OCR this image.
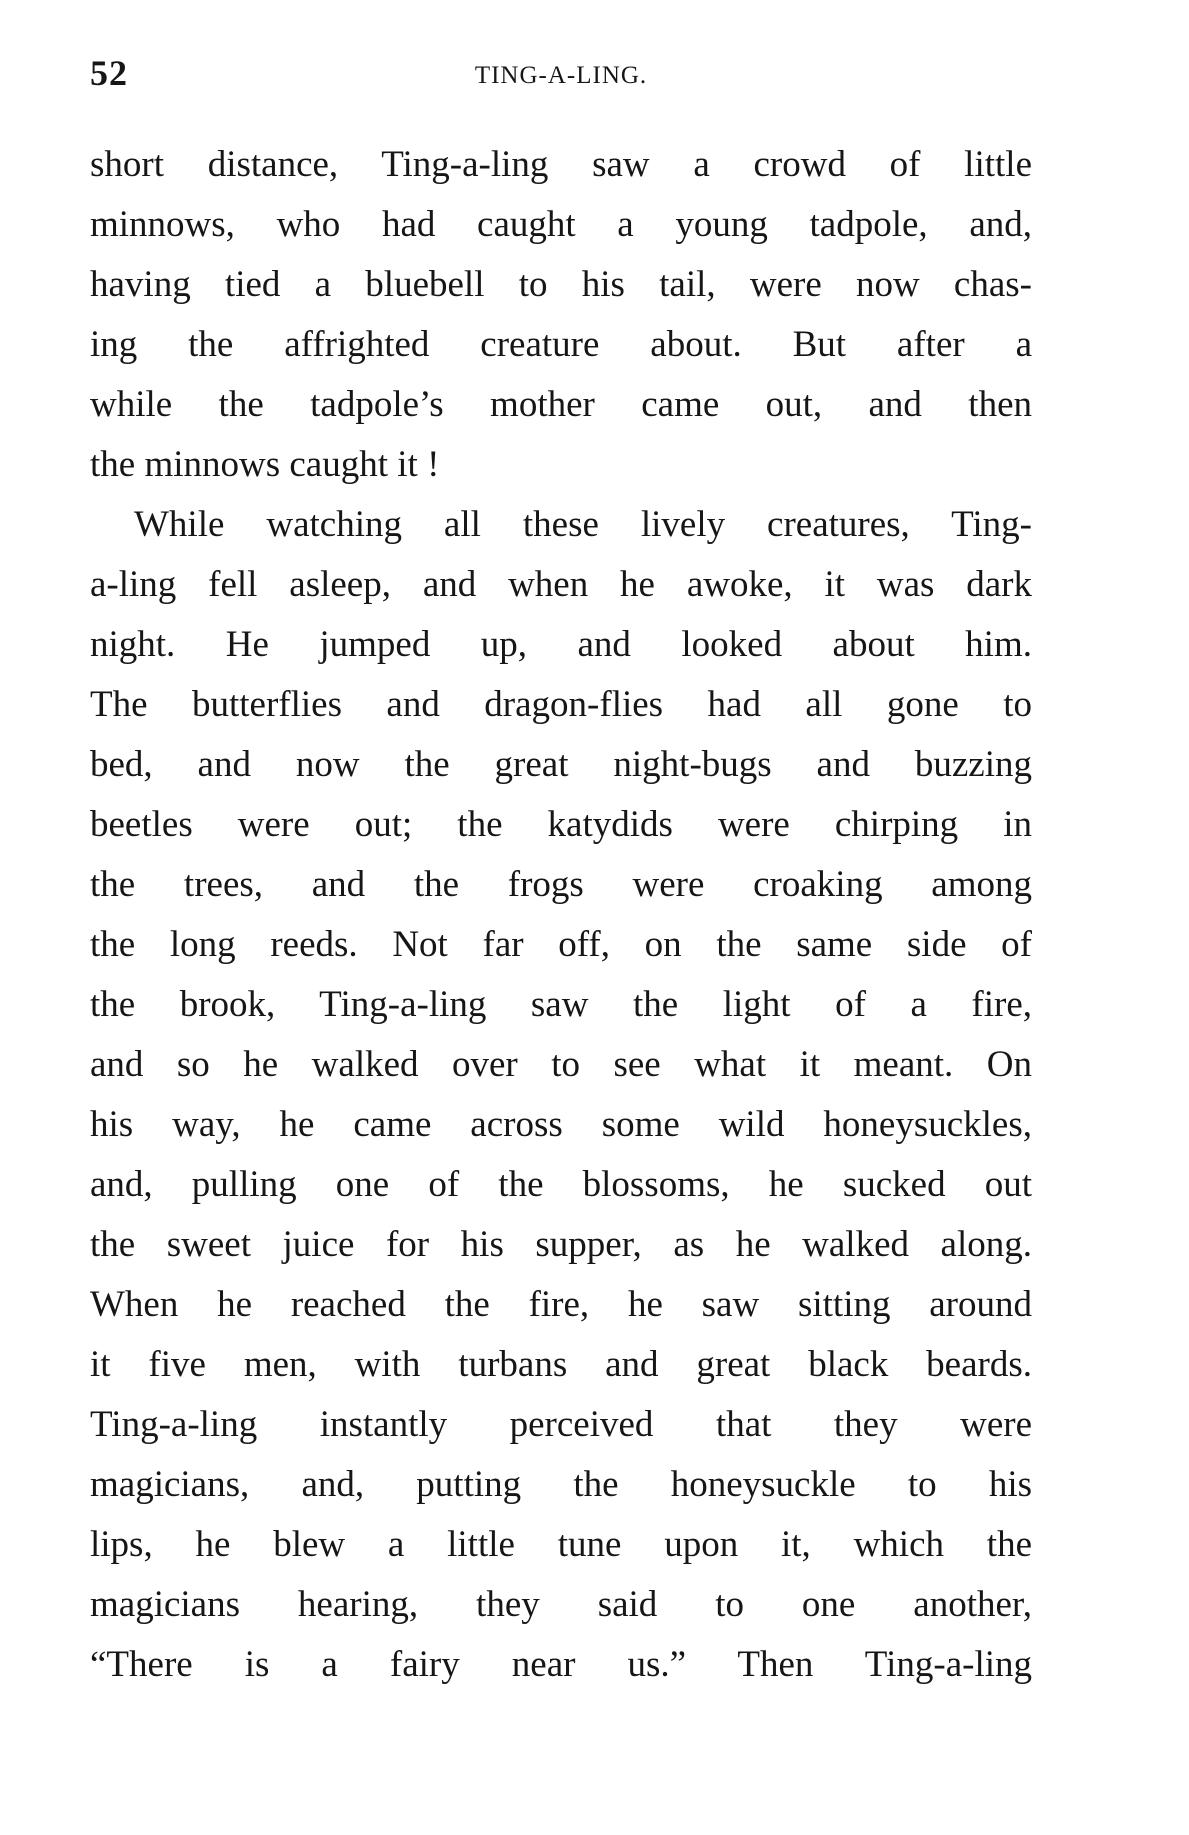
52	TING-A-LING.
short distance, Ting-a-ling saw a crowd of little
minnows, who had caught a young tadpole, and,
having tied a bluebell to his tail, were now chas-
ing the affrighted creature about. But after a
while the tadpole’s mother came out, and then
the minnows caught it !
While watching all these lively creatures, Ting-
a-ling fell asleep, and when he awoke, it was dark
night. He jumped up, and looked about him.
The butterflies and dragon-flies had all gone to
bed, and now the great night-bugs and buzzing
beetles were out; the katydids were chirping in
the trees, and the frogs were croaking among
the long reeds. Not far off, on the same side of
the brook, Ting-a-ling saw the light of a fire,
and so he walked over to see what it meant. On
his way, he came across some wild honeysuckles,
and, pulling one of the blossoms, he sucked out
the sweet juice for his supper, as he walked along.
When he reached the fire, he saw sitting around
it five men, with turbans and great black beards.
Ting-a-ling instantly perceived that they were
magicians, and, putting the honeysuckle to his
lips, he blew a little tune upon it, which the
magicians hearing, they said to one another,
“There is a fairy near us.” Then Ting-a-ling
